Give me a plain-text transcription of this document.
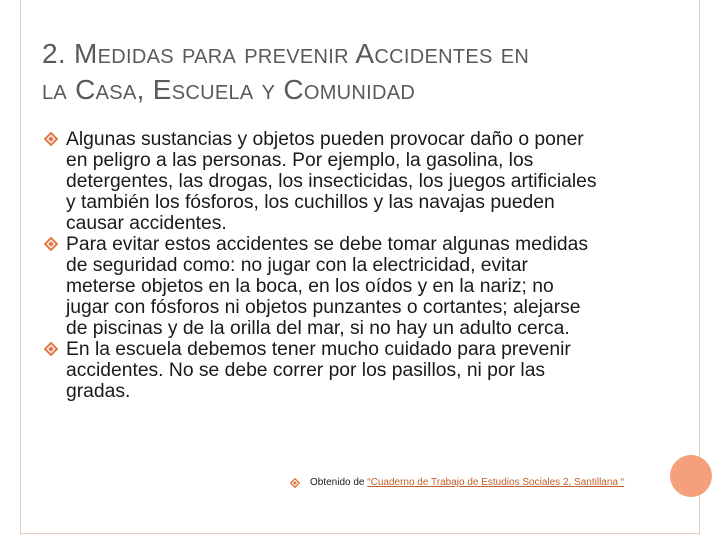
2. Medidas para prevenir Accidentes en
la Casa, Escuela y Comunidad
Algunas sustancias y objetos pueden provocar daño o poner
en peligro a las personas. Por ejemplo, la gasolina, los
detergentes, las drogas, los insecticidas, los juegos artificiales
y también los fósforos, los cuchillos y las navajas pueden
causar accidentes.
Para evitar estos accidentes se debe tomar algunas medidas
de seguridad como: no jugar con la electricidad, evitar
meterse objetos en la boca, en los oídos y en la nariz; no
jugar con fósforos ni objetos punzantes o cortantes; alejarse
de piscinas y de la orilla del mar, si no hay un adulto cerca.
En la escuela debemos tener mucho cuidado para prevenir
accidentes. No se debe correr por los pasillos, ni por las
gradas.
Obtenido de “Cuaderno de Trabajo de Estudios Sociales 2, Santillana “
